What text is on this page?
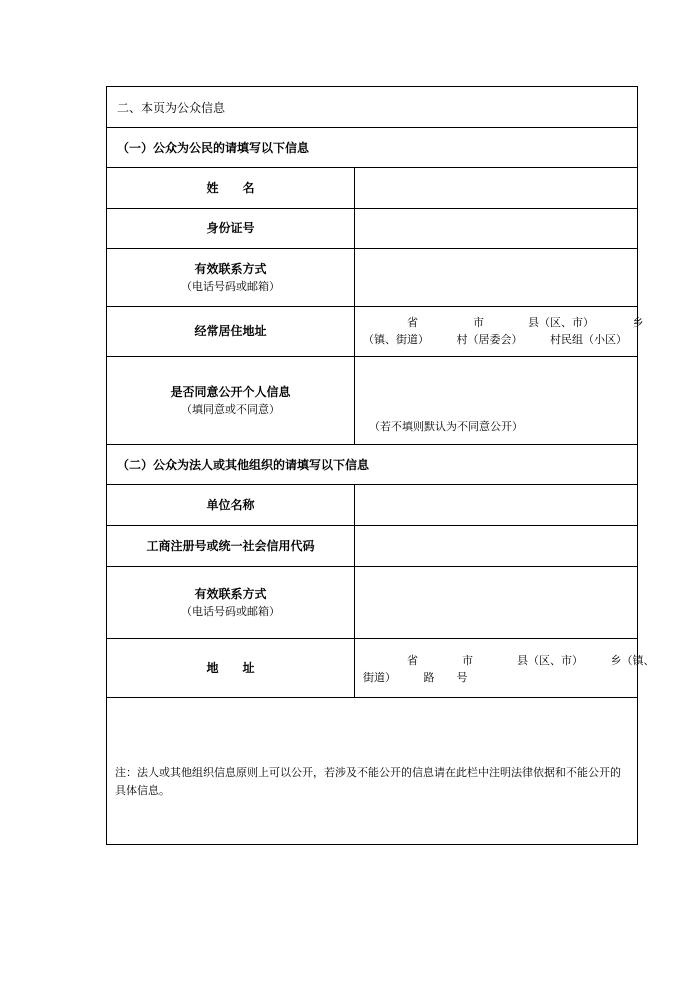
二、本页为公众信息
（一）公众为公民的请填写以下信息
姓　　名
身份证号
有效联系方式
（电话号码或邮箱）
经常居住地址
　　　　省　　　　　市　　　　县（区、市）　　　　乡
（镇、街道）　　　村（居委会）　　　村民组（小区）
是否同意公开个人信息
（填同意或不同意）
（若不填则默认为不同意公开）
（二）公众为法人或其他组织的请填写以下信息
单位名称
工商注册号或统一社会信用代码
有效联系方式
（电话号码或邮箱）
地　　址	　　　　省　　　　市　　　　县（区、市）　　　乡（镇、
街道）　　　路　　号
注：法人或其他组织信息原则上可以公开，若涉及不能公开的信息请在此栏中注明法律依据和不能公开的具体信息。
